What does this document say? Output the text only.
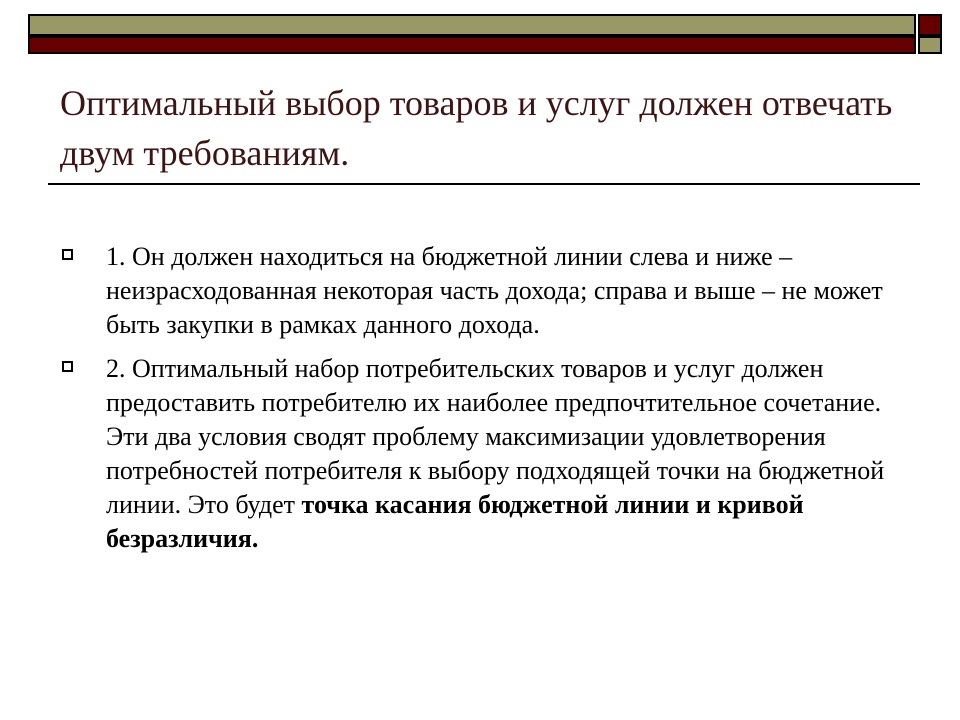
Оптимальный выбор товаров и услуг должен отвечать двум требованиям.
1. Он должен находиться на бюджетной линии слева и ниже – неизрасходованная некоторая часть дохода; справа и выше – не может быть закупки в рамках данного дохода.
2. Оптимальный набор потребительских товаров и услуг должен предоставить потребителю их наиболее предпочтительное сочетание. Эти два условия сводят проблему максимизации удовлетворения потребностей потребителя к выбору подходящей точки на бюджетной линии. Это будет точка касания бюджетной линии и кривой безразличия.
